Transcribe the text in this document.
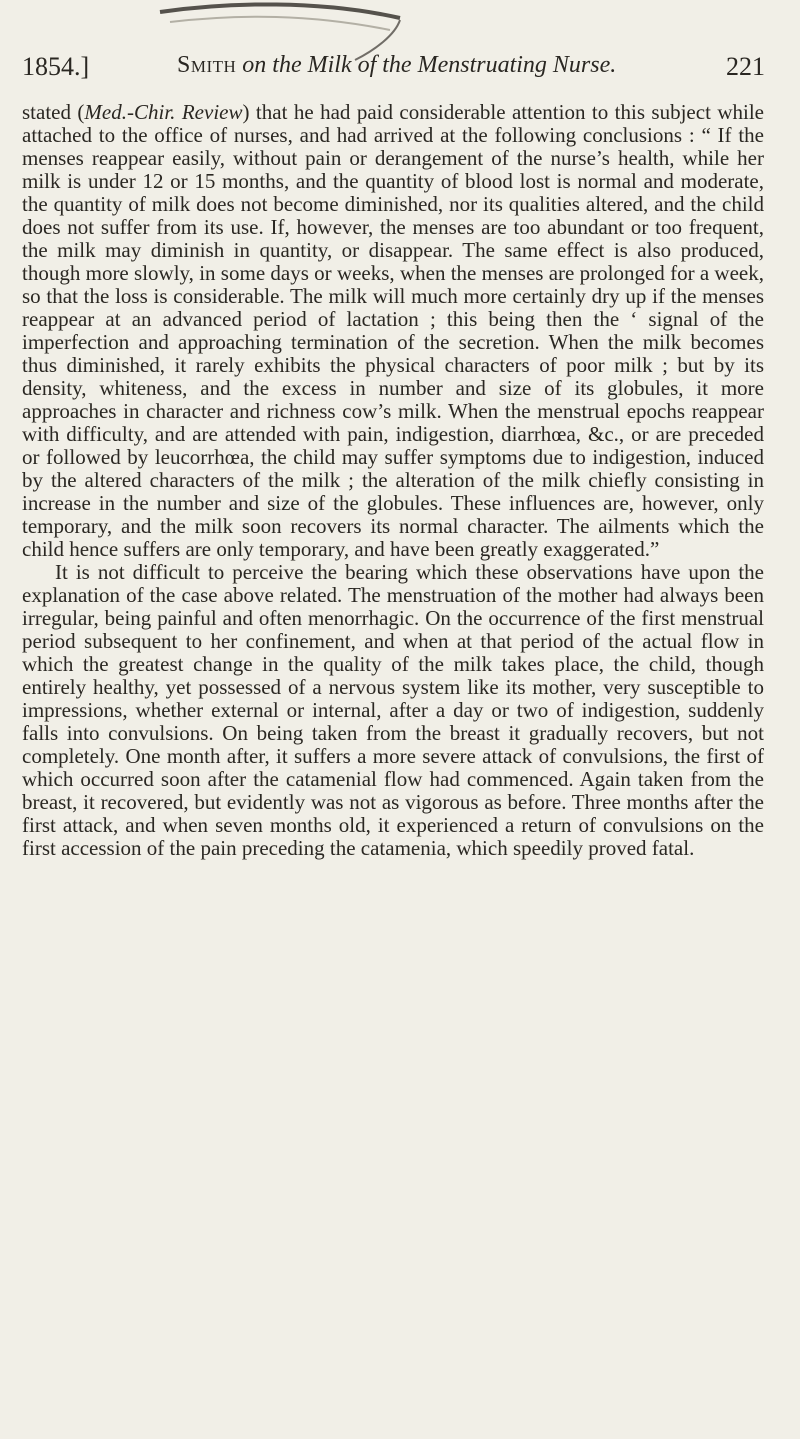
1854.]	Smith on the Milk of the Menstruating Nurse.	221

stated (Med.-Chir. Review) that he had paid considerable attention to this subject while attached to the office of nurses, and had arrived at the following conclusions : “ If the menses reappear easily, without pain or derangement of the nurse’s health, while her milk is under 12 or 15 months, and the quantity of blood lost is normal and moderate, the quantity of milk does not become diminished, nor its qualities altered, and the child does not suffer from its use. If, however, the menses are too abundant or too frequent, the milk may diminish in quantity, or disappear. The same effect is also produced, though more slowly, in some days or weeks, when the menses are prolonged for a week, so that the loss is considerable. The milk will much more certainly dry up if the menses reappear at an advanced period of lactation ; this being then the ‘ signal of the imperfection and approaching termination of the secretion. When the milk becomes thus diminished, it rarely exhibits the physical characters of poor milk ; but by its density, whiteness, and the excess in number and size of its globules, it more approaches in character and richness cow’s milk. When the menstrual epochs reappear with difficulty, and are attended with pain, indigestion, diarrhœa, &c., or are preceded or followed by leucorrhœa, the child may suffer symptoms due to indigestion, induced by the altered characters of the milk ; the alteration of the milk chiefly consisting in increase in the number and size of the globules. These influences are, however, only temporary, and the milk soon recovers its normal character. The ailments which the child hence suffers are only temporary, and have been greatly exaggerated.”

It is not difficult to perceive the bearing which these observations have upon the explanation of the case above related. The menstruation of the mother had always been irregular, being painful and often menorrhagic. On the occurrence of the first menstrual period subsequent to her confinement, and when at that period of the actual flow in which the greatest change in the quality of the milk takes place, the child, though entirely healthy, yet possessed of a nervous system like its mother, very susceptible to impressions, whether external or internal, after a day or two of indigestion, suddenly falls into convulsions. On being taken from the breast it gradually recovers, but not completely. One month after, it suffers a more severe attack of convulsions, the first of which occurred soon after the catamenial flow had commenced. Again taken from the breast, it recovered, but evidently was not as vigorous as before. Three months after the first attack, and when seven months old, it experienced a return of convulsions on the first accession of the pain preceding the catamenia, which speedily proved fatal.
